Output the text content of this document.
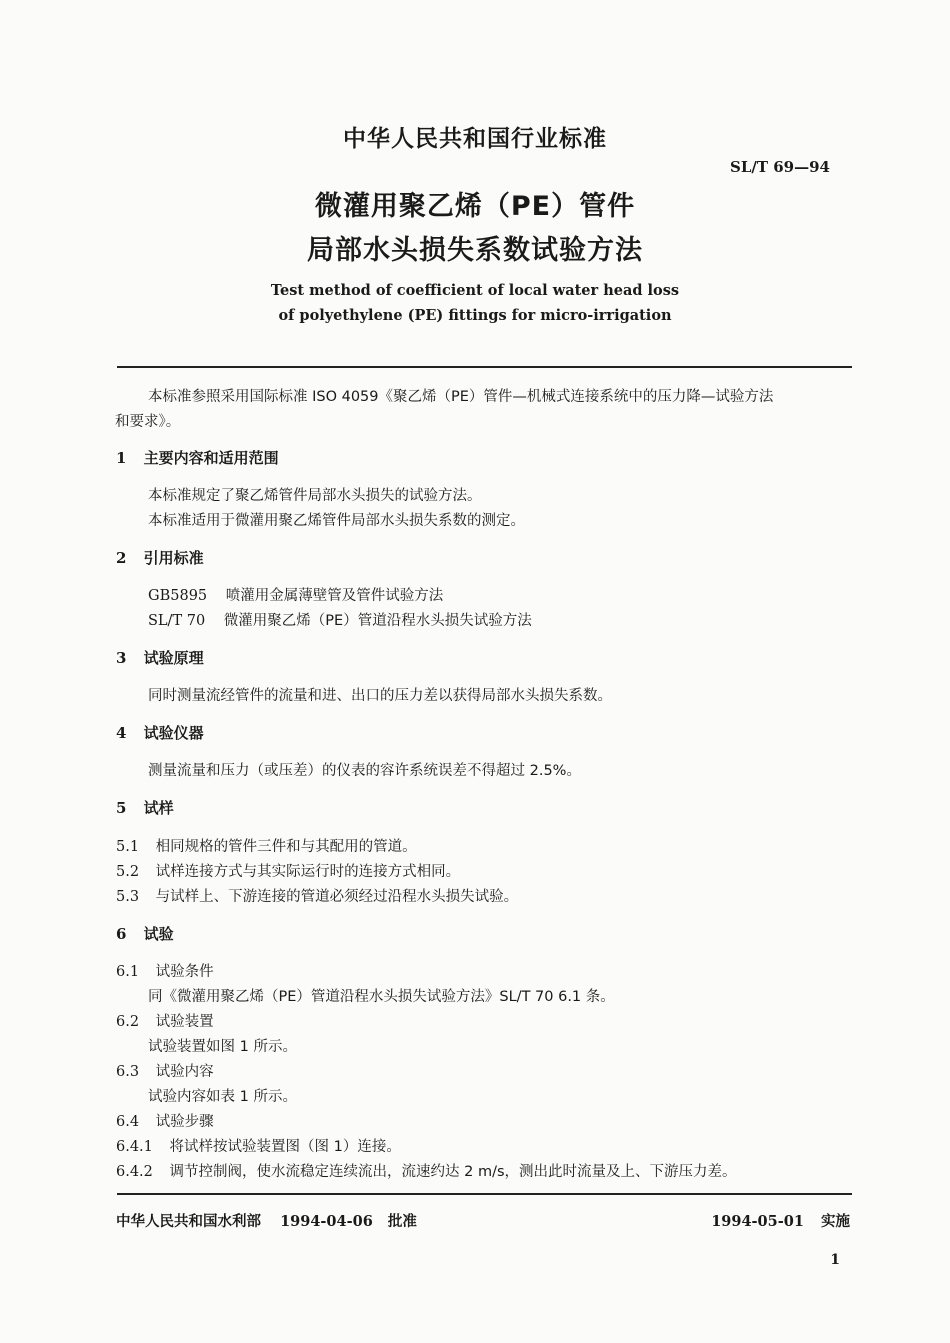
中华人民共和国行业标准
SL/T 69—94
微灌用聚乙烯（PE）管件
局部水头损失系数试验方法
Test method of coefficient of local water head loss
of polyethylene (PE) fittings for micro-irrigation
本标准参照采用国际标准 ISO 4059《聚乙烯（PE）管件—机械式连接系统中的压力降—试验方法
和要求》。
1 主要内容和适用范围
本标准规定了聚乙烯管件局部水头损失的试验方法。
本标准适用于微灌用聚乙烯管件局部水头损失系数的测定。
2 引用标准
GB5895 喷灌用金属薄壁管及管件试验方法
SL/T 70 微灌用聚乙烯（PE）管道沿程水头损失试验方法
3 试验原理
同时测量流经管件的流量和进、出口的压力差以获得局部水头损失系数。
4 试验仪器
测量流量和压力（或压差）的仪表的容许系统误差不得超过 2.5%。
5 试样
5.1 相同规格的管件三件和与其配用的管道。
5.2 试样连接方式与其实际运行时的连接方式相同。
5.3 与试样上、下游连接的管道必须经过沿程水头损失试验。
6 试验
6.1 试验条件
同《微灌用聚乙烯（PE）管道沿程水头损失试验方法》SL/T 70 6.1 条。
6.2 试验装置
试验装置如图 1 所示。
6.3 试验内容
试验内容如表 1 所示。
6.4 试验步骤
6.4.1 将试样按试验装置图（图 1）连接。
6.4.2 调节控制阀，使水流稳定连续流出，流速约达 2 m/s，测出此时流量及上、下游压力差。
中华人民共和国水利部 1994-04-06 批准	1994-05-01 实施
1
